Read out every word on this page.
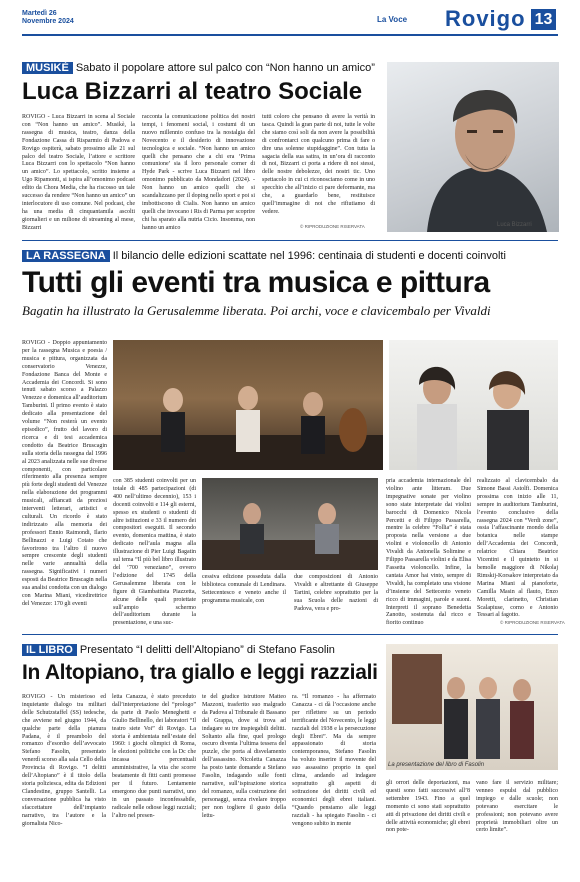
Martedì 26
Novembre 2024	La Voce Rovigo 13
MUSIKÈ Sabato il popolare attore sul palco con “Non hanno un amico”
Luca Bizzarri al teatro Sociale
ROVIGO - Luca Bizzarri in scena al Sociale con “Non hanno un amico”. Musikè, la rassegna di musica, teatro, danza della Fondazione Cassa di Risparmio di Padova e Rovigo ospiterà, sabato prossimo alle 21 sul palco del teatro Sociale, l’attore e scrittore Luca Bizzarri con lo spettacolo “Non hanno un amico”. Lo spettacolo, scritto insieme a Ugo Ripamonti, si ispira all’omonimo podcast edito da Chora Media, che ha riscosso un tale successo da rendere “Non hanno un amico” un interlocutore di uso comune. Nel podcast, che ha una media di cinquantamila ascolti giornalieri e un milione di streaming al mese, Bizzarri
racconta la comunicazione politica dei nostri tempi, i fenomeni social, i costumi di un nuovo millennio confuso tra la nostalgia del Novecento e il desiderio di innovazione tecnologica e sociale. “Non hanno un amico quelli che pensano che a chi era ‘Prima comunione’ sia il loro personale corner di Hyde Park - scrive Luca Bizzarri nel libro omonimo pubblicato da Mondadori (2024). - Non hanno un amico quelli che si scandalizzano per il doping nello sport e poi si imbottiscono di Cialis. Non hanno un amico quelli che invocano i Ris di Parma per scoprire chi ha sparato alla nutria Cicio. Insomma, non hanno un amico
tutti coloro che pensano di avere la verità in tasca. Quindi la gran parte di noi, tutte le volte che siamo così soli da non avere la possibilità di confrontarci con qualcuno prima di fare o dire una solenne stupidaggine”. Con tutta la sagacia della sua satira, in un’ora di racconto di noi, Bizzarri ci porta a ridere di noi stessi, delle nostre debolezze, dei nostri tic. Uno spettacolo in cui ci riconosciamo come in uno specchio che all’inizio ci pare deformante, ma che, a guardarlo bene, restituisce quell’immagine di noi che rifiutiamo di vedere.
© RIPRODUZIONE RISERVATA	Luca Bizzarri
LA RASSEGNA Il bilancio delle edizioni scattate nel 1996: centinaia di studenti e docenti coinvolti
Tutti gli eventi tra musica e pittura
Bagatin ha illustrato la Gerusalemme liberata. Poi archi, voce e clavicembalo per Vivaldi
ROVIGO - Doppio appuntamento per la rassegna Musica e poesia / musica e pittura, organizzata da conservatorio Venezze, Fondazione Banca del Monte e Accademia dei Concordi. Si sono tenuti sabato scorso a Palazzo Venezze e domenica all’auditorium Tamburini. Il primo evento è stato dedicato alla presentazione del volume “Non resterà un evento episodico”, frutto del lavoro di ricerca e di tesi accademica condotto da Beatrice Bruscagin sulla storia della rassegna dal 1996 al 2023 analizzata nelle sue diverse componenti, con particolare riferimento alla presenza sempre più forte degli studenti del Venezze nella elaborazione dei programmi musicali, affiancati da preziosi interventi letterari, artistici e culturali. Un ricordo è stato indirizzato alla memoria dei professori Ennio Raimondi, Ilario Bellinazzi e Luigi Cotato che favorirono tra l’altro il nuovo sempre crescente degli studenti nelle varie annualità della rassegna. Significativi i numeri esposti da Beatrice Bruscagin nella sua analisi condotta con un dialogo con Marina Miani, vicedirettrice del Venezze: 170 gli eventi
con 385 studenti coinvolti per un totale di 485 partecipazioni (di 400 nell’ultimo decennio), 153 i docenti coinvolti e 114 gli esterni, spesso ex studenti o studenti di altre istituzioni e 33 il numero dei compositori eseguiti. Il secondo evento, domenica mattina, è stato dedicato nell’aula magna alla illustrazione di Pier Luigi Bagatin sul tema “Il più bel libro illustrato del ‘700 veneziano”, ovvero l’edizione del 1745 della Gerusalemme liberata con le figure di Giambattista Piazzetta, alcune delle quali proiettate sull’ampio schermo dell’auditorium durante la presentazione, e una suc-
cessiva edizione posseduta dalla biblioteca comunale di Lendinara. Settecentesco e veneto anche il programma musicale, con
due composizioni di Antonio Vivaldi e altrettante di Giuseppe Tartini, celebre soprattutto per la sua Scuola delle nazioni di Padova, vera e pro-
pria accademia internazionale del violino ante litteram. Due impegnative sonate per violino sono state interpretate dai violini barocchi di Domenico Nicola Percetti e di Filippo Passarella, mentre la celebre “Follia” è stata proposta nella versione a due violini e violoncello di Antonio Vivaldi da Antonella Solimine e Filippo Passarella violini e da Elisa Fassetta violoncello. Infine, la cantata Amor hai vinto, sempre di Vivaldi, ha completato una visione d’insieme del Settecento veneto ricco di immagini, parole e suoni. Interpreti il soprano Benedetta Zanotto, sostenuta dal ricco e fiorito continuo
realizzato al clavicembalo da Simone Bassi Astolfi. Domenica prossima con inizio alle 11, sempre in auditorium Tamburini, l’evento conclusivo della rassegna 2024 con “Verdi zone”, ossia l’affascinante mondo della botanica nelle stampe dell’Accademia dei Concordi, relatrice Chiara Beatrice Vicentini e il quintetto in si bemolle maggiore di Nikolaj Rimskij-Korsakov interpretato da Marina Miani al pianoforte, Camilla Masin al flauto, Enzo Moretti, clarinetto, Christian Scalapiuse, corno e Antonio Tessari al fagotto.
© RIPRODUZIONE RISERVATA
IL LIBRO Presentato “I delitti dell’Altopiano” di Stefano Fasolin
In Altopiano, tra giallo e leggi razziali
ROVIGO - Un misterioso ed inquietante dialogo tra militari delle Schutzstaffel (SS) tedesche, che avviene nel giugno 1944, da qualche parte della pianura Padana, è il preambolo del romanzo d’esordio dell’avvocato Stefano Fasolin, presentato venerdì scorso alla sala Cello della Provincia di Rovigo. “I delitti dell’Altopiano” è il titolo della storia poliziesca, edita da Edizioni Clandestine, gruppo Santelli. La conversazione pubblica ha visto sfaccettature dell’impianto narrativo, tra l’autore e la giornalista Nico-
letta Canazza, è stato preceduto dall’interpretazione del “prologo” da parte di Paolo Meneghetti e Giulio Bellinello, dei laboratori “Il teatro siete Voi” di Rovigo. La storia è ambientata nell’estate del 1960: i giochi olimpici di Roma, le elezioni politiche con la Dc che incassa percentuali amministrative, la vita che scorre beatamente di fitti canti promesse per il futuro. Lentamente emergono due punti narrativi, uno in un passato inconfessabile, radicale nelle odiose leggi razziali; l’altro nel presen-
te del giudice istruttore Matteo Mazzoni, trasferito suo malgrado da Padova al Tribunale di Bassano del Grappa, dove si trova ad indagare su tre inspiegabili delitti. Soltanto alla fine, quel prologo oscuro diventa l’ultima tessera del puzzle, che porta al disvelamento dell’assassino. Nicoletta Canazza ha posto tante domande a Stefano Fasolin, indagando sulle fonti narrative, sull’ispirazione storica del romanzo, sulla costruzione dei personaggi, senza rivelare troppo per non togliere il gusto della lettu-
ra. “Il romanzo - ha affermato Canazza - ci dà l’occasione anche per riflettere su un periodo terrificante del Novecento, le leggi razziali del 1938 e la persecuzione degli Ebrei”. Ma da sempre appassionato di storia contemporanea, Stefano Fasolin ha voluto inserire il movente del suo assassino proprio in quel clima, andando ad indagare soprattutto gli aspetti di sottrazione dei diritti civili ed economici degli ebrei italiani. “Quando pensiamo alle leggi razziali - ha spiegato Fasolin - ci vengono subito in mente
La presentazione del libro di Fasolin
gli orrori delle deportazioni, ma questi sono fatti successivi all’8 settembre 1943. Fino a quel momento ci sono stati soprattutto atti di privazione dei diritti civili e delle attività economiche; gli ebrei non pote-
vano fare il servizio militare; venneo espulsi dal pubblico impiego e dalle scuole; non potevano esercitare le professioni; non potevano avere proprietà immobiliari oltre un certo limite”.
